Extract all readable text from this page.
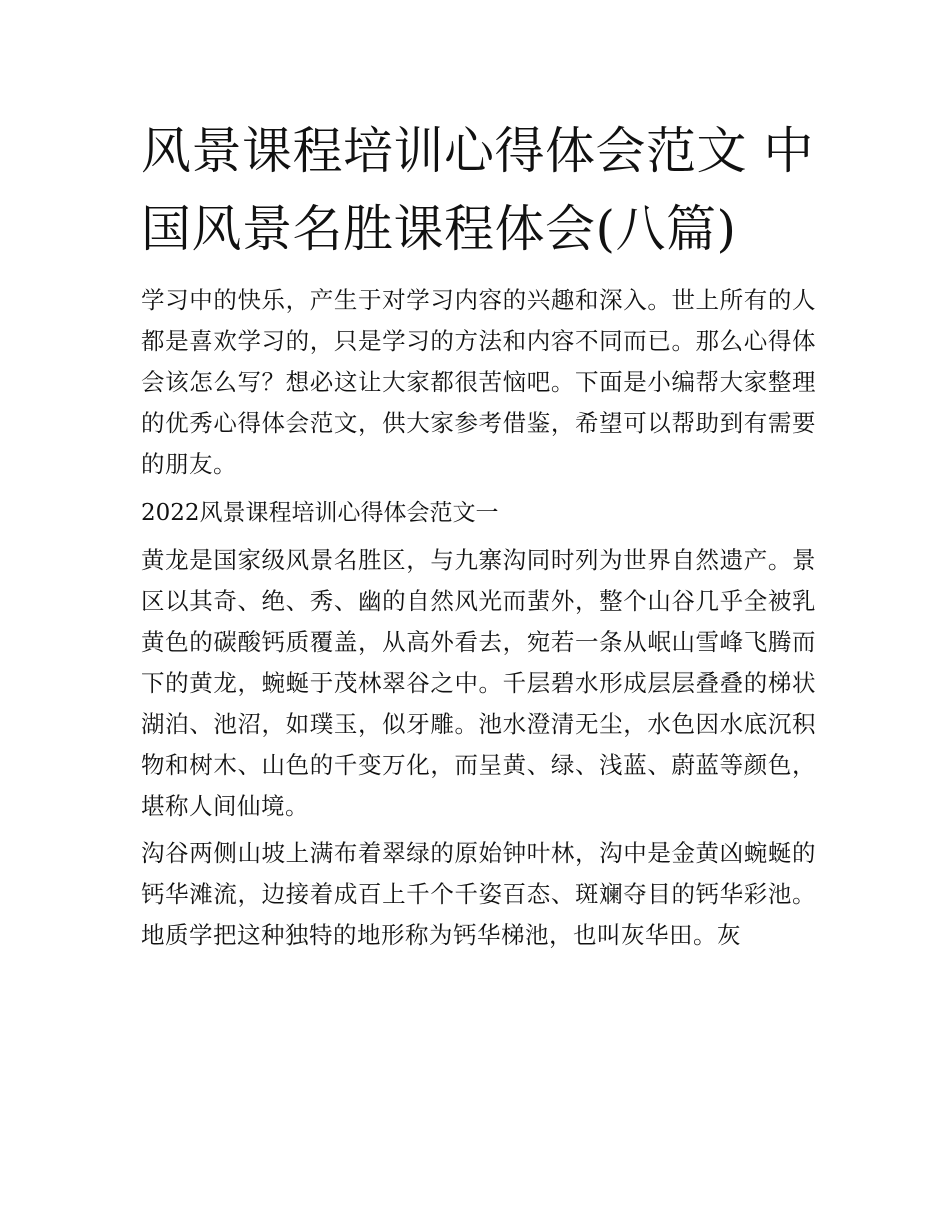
风景课程培训心得体会范文 中国风景名胜课程体会(八篇)

学习中的快乐，产生于对学习内容的兴趣和深入。世上所有的人都是喜欢学习的，只是学习的方法和内容不同而已。那么心得体会该怎么写？想必这让大家都很苦恼吧。下面是小编帮大家整理的优秀心得体会范文，供大家参考借鉴，希望可以帮助到有需要的朋友。

2022风景课程培训心得体会范文一

黄龙是国家级风景名胜区，与九寨沟同时列为世界自然遗产。景区以其奇、绝、秀、幽的自然风光而蜚外，整个山谷几乎全被乳黄色的碳酸钙质覆盖，从高外看去，宛若一条从岷山雪峰飞腾而下的黄龙，蜿蜒于茂林翠谷之中。千层碧水形成层层叠叠的梯状湖泊、池沼，如璞玉，似牙雕。池水澄清无尘，水色因水底沉积物和树木、山色的千变万化，而呈黄、绿、浅蓝、蔚蓝等颜色，堪称人间仙境。

沟谷两侧山坡上满布着翠绿的原始钟叶林，沟中是金黄凶蜿蜒的钙华滩流，边接着成百上千个千姿百态、斑斓夺目的钙华彩池。地质学把这种独特的地形称为钙华梯池，也叫灰华田。灰
